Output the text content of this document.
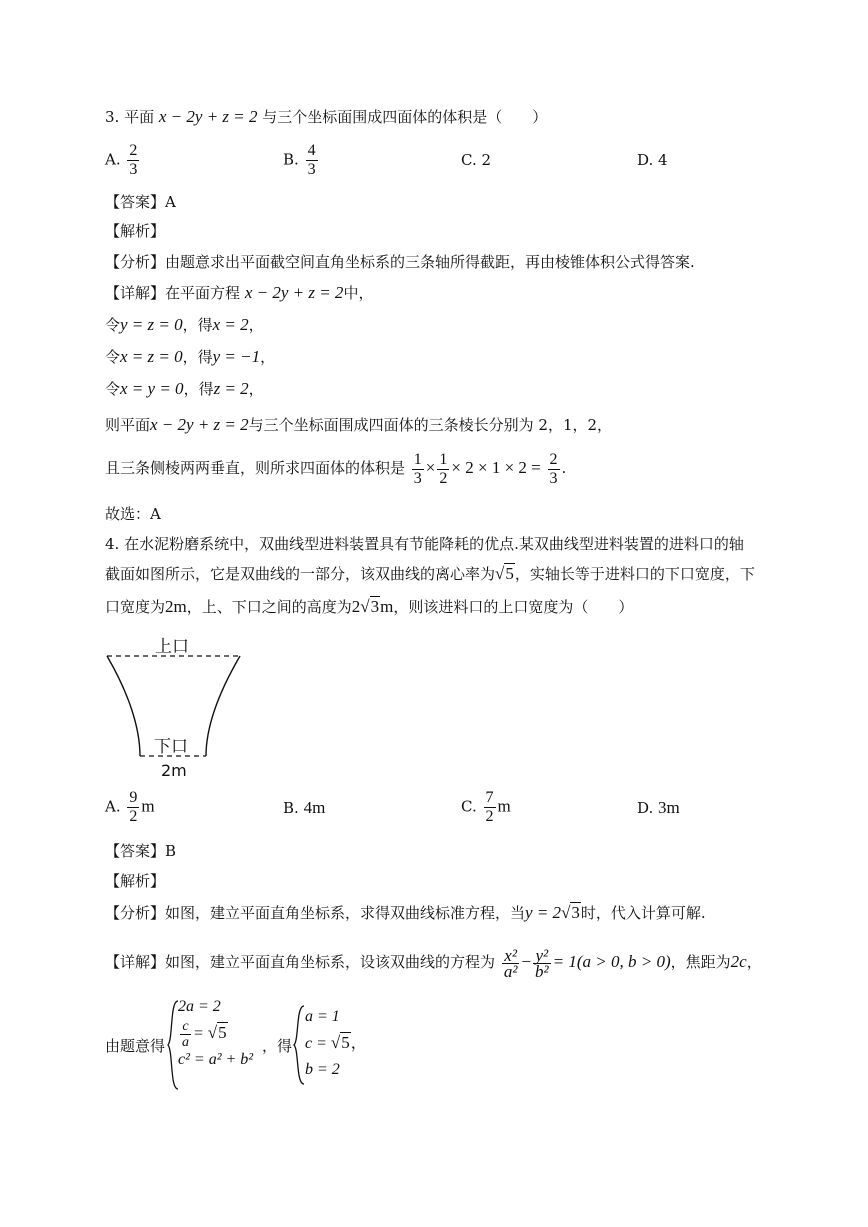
3. 平面 x − 2y + z = 2 与三个坐标面围成四面体的体积是（　　）
A. $\frac{2}{3}$	B. $\frac{4}{3}$	C. 2	D. 4
【答案】A
【解析】
【分析】由题意求出平面截空间直角坐标系的三条轴所得截距，再由棱锥体积公式得答案.
【详解】在平面方程 x − 2y + z = 2中，
令y = z = 0，得x = 2，
令x = z = 0，得y = −1，
令x = y = 0，得z = 2，
则平面x − 2y + z = 2与三个坐标面围成四面体的三条棱长分别为 2，1，2，
且三条侧棱两两垂直，则所求四面体的体积是 $\frac{1}{3} \times \frac{1}{2} \times 2 \times 1 \times 2 = \frac{2}{3}$ .
故选：A
4. 在水泥粉磨系统中，双曲线型进料装置具有节能降耗的优点.某双曲线型进料装置的进料口的轴
截面如图所示，它是双曲线的一部分，该双曲线的离心率为√5，实轴长等于进料口的下口宽度，下
口宽度为2m，上、下口之间的高度为2√3m，则该进料口的上口宽度为（　　）
上口
下口
2m
A. $\frac{9}{2}$ m	B. 4m	C. $\frac{7}{2}$ m	D. 3m
【答案】B
【解析】
【分析】如图，建立平面直角坐标系，求得双曲线标准方程，当y = 2√3时，代入计算可解.
【详解】如图，建立平面直角坐标系，设该双曲线的方程为 $\frac{\text{x²}}{\text{a²}} - \frac{\text{y²}}{\text{b²}} = 1(a > 0$, b > 0)，焦距为2c，
由题意得
2a = 2
$\frac{c}{a} = √5$
c² = a² + b²
，得
a = 1
c = √5，
b = 2
